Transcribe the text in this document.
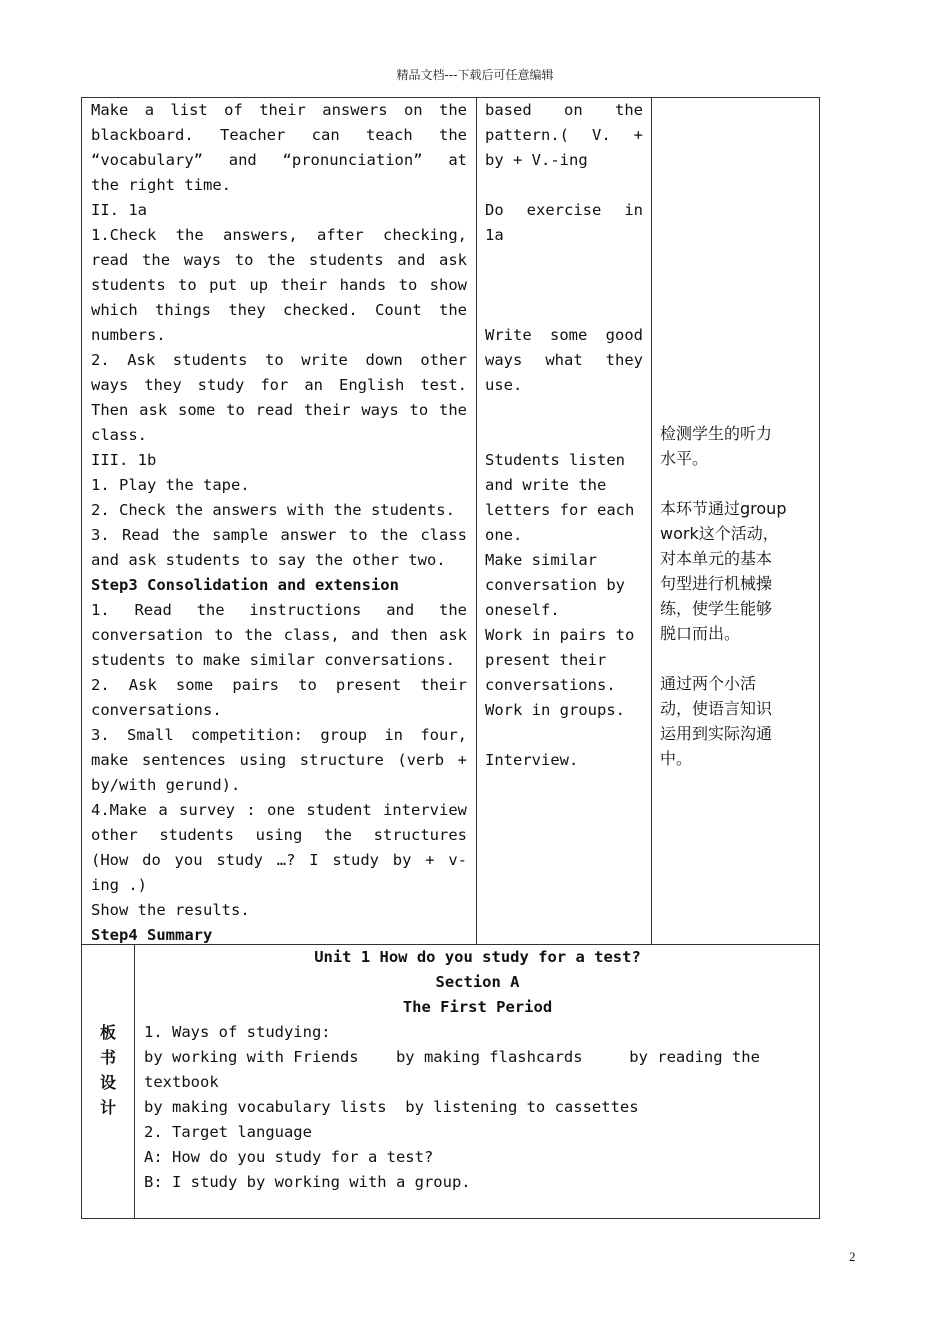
精品文档---下载后可任意编辑
Make a list of their answers on the
blackboard. Teacher can teach the
“vocabulary” and “pronunciation” at
the right time.
II. 1a
1.Check the answers, after checking,
read the ways to the students and ask
students to put up their hands to show
which things they checked. Count the
numbers.
2. Ask students to write down other
ways they study for an English test.
Then ask some to read their ways to the
class.
III. 1b
1. Play the tape.
2. Check the answers with the students.
3. Read the sample answer to the class
and ask students to say the other two.
Step3 Consolidation and extension
1. Read the instructions and the
conversation to the class, and then ask
students to make similar conversations.
2. Ask some pairs to present their
conversations.
3. Small competition: group in four,
make sentences using structure (verb +
by/with gerund).
4.Make a survey : one student interview
other students using the structures
(How do you study …? I study by + v-
ing .)
Show the results.
Step4 Summary
based on the
pattern.( V. +
by + V.-ing

Do exercise in
1a

Write some good
ways what they
use.

Students listen
and write the
letters for each
one.
Make similar
conversation by
oneself.
Work in pairs to
present their
conversations.
Work in groups.

Interview.
检测学生的听力
水平。

本环节通过group
work这个活动，
对本单元的基本
句型进行机械操
练，使学生能够
脱口而出。

通过两个小活
动，使语言知识
运用到实际沟通
中。
板
书
设
计
Unit 1 How do you study for a test?
Section A
The First Period
1. Ways of studying:
by working with Friends    by making flashcards     by reading the
textbook
by making vocabulary lists  by listening to cassettes
2. Target language
A: How do you study for a test?
B: I study by working with a group.
2
